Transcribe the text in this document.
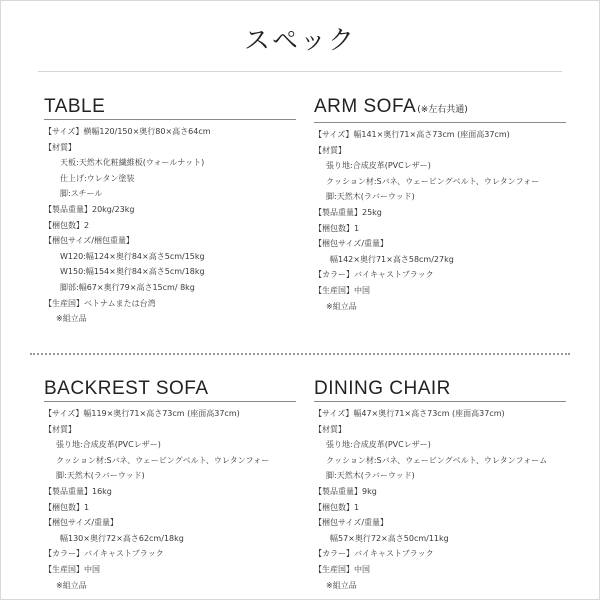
スペック
TABLE
【サイズ】横幅120/150×奥行80×高さ64cm
【材質】
天板:天然木化粧繊維板(ウォールナット)
仕上げ:ウレタン塗装
脚:スチール
【製品重量】20kg/23kg
【梱包数】2
【梱包サイズ/梱包重量】
W120:幅124×奥行84×高さ5cm/15kg
W150:幅154×奥行84×高さ5cm/18kg
脚部:幅67×奥行79×高さ15cm/ 8kg
【生産国】ベトナムまたは台湾
※組立品
ARM SOFA(※左右共通)
【サイズ】幅141×奥行71×高さ73cm (座面高37cm)
【材質】
張り地:合成皮革(PVCレザー)
クッション材:Sバネ、ウェービングベルト、ウレタンフォー
脚:天然木(ラバーウッド)
【製品重量】25kg
【梱包数】1
【梱包サイズ/重量】
幅142×奥行71×高さ58cm/27kg
【カラー】バイキャストブラック
【生産国】中国
※組立品
BACKREST SOFA
【サイズ】幅119×奥行71×高さ73cm (座面高37cm)
【材質】
張り地:合成皮革(PVCレザー)
クッション材:Sバネ、ウェービングベルト、ウレタンフォー
脚:天然木(ラバーウッド)
【製品重量】16kg
【梱包数】1
【梱包サイズ/重量】
幅130×奥行72×高さ62cm/18kg
【カラー】バイキャストブラック
【生産国】中国
※組立品
DINING CHAIR
【サイズ】幅47×奥行71×高さ73cm (座面高37cm)
【材質】
張り地:合成皮革(PVCレザー)
クッション材:Sバネ、ウェービングベルト、ウレタンフォーム
脚:天然木(ラバーウッド)
【製品重量】9kg
【梱包数】1
【梱包サイズ/重量】
幅57×奥行72×高さ50cm/11kg
【カラー】バイキャストブラック
【生産国】中国
※組立品
